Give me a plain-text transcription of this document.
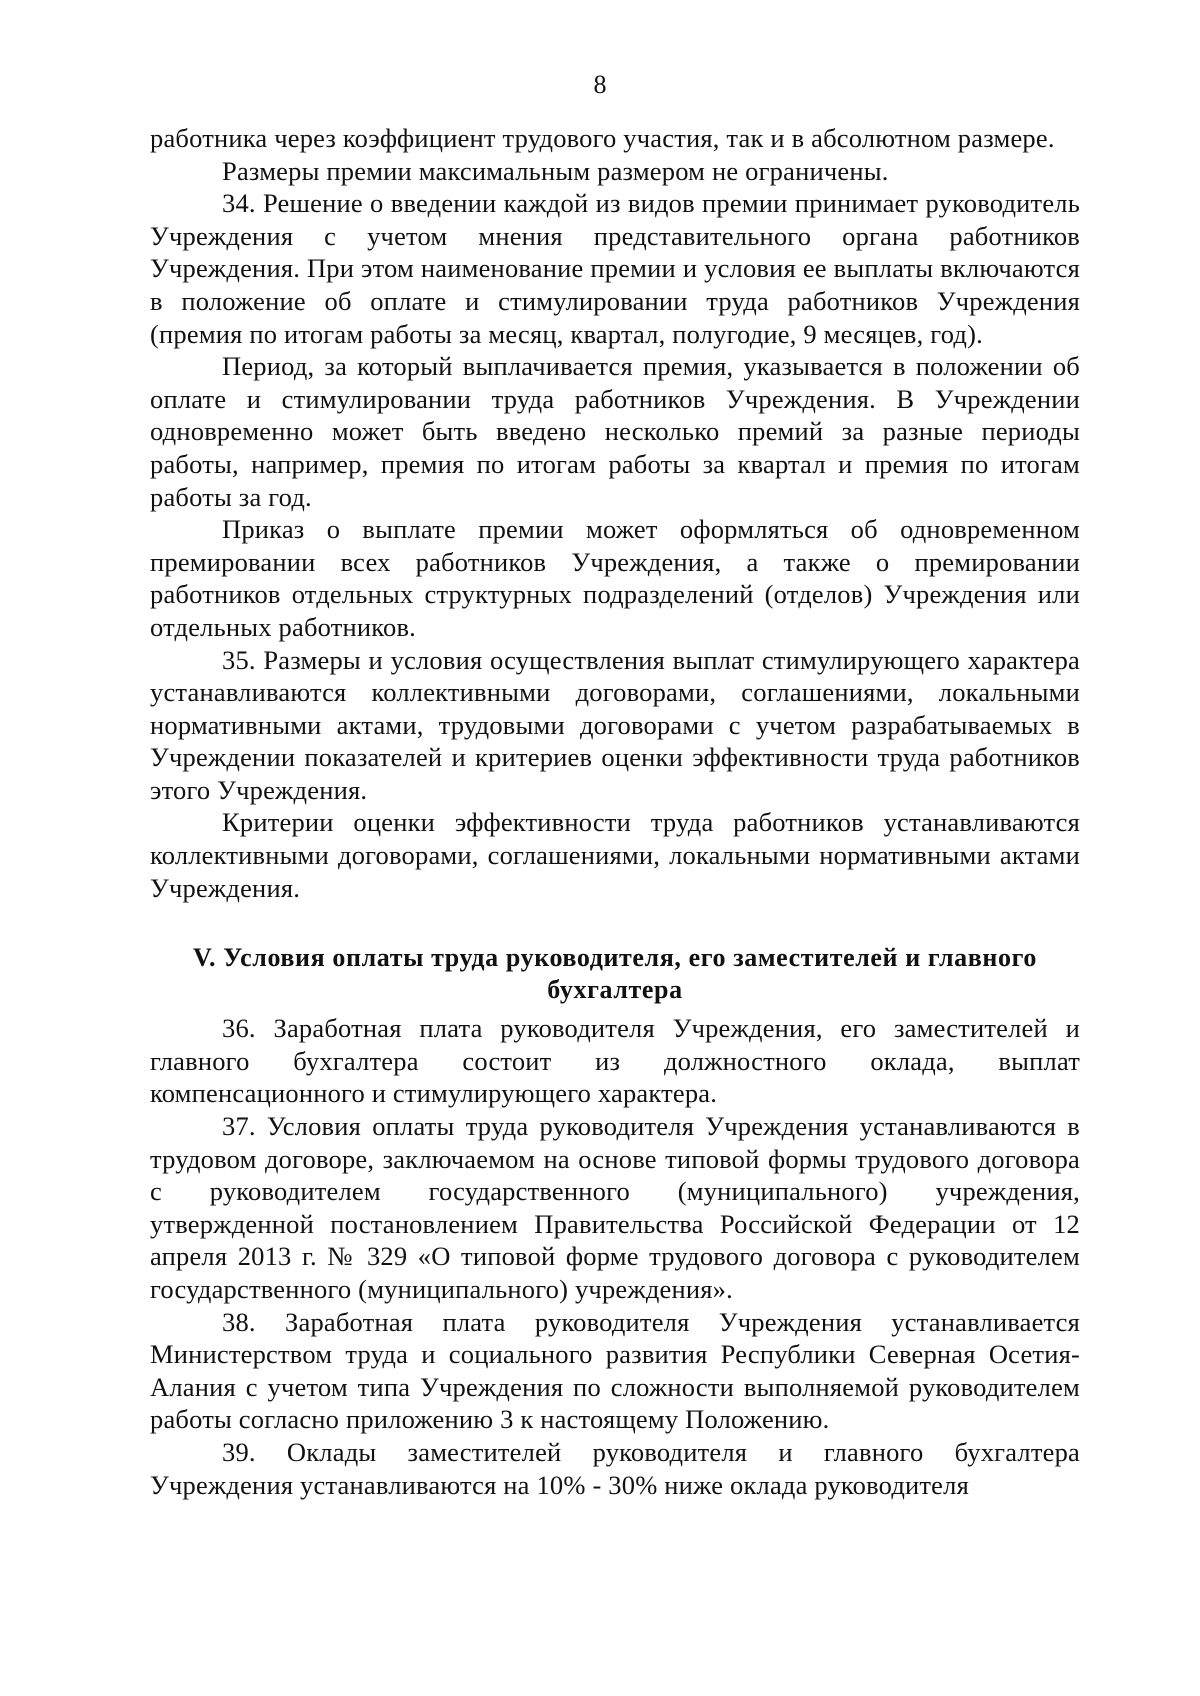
8

работника через коэффициент трудового участия, так и в абсолютном размере.

Размеры премии максимальным размером не ограничены.

34. Решение о введении каждой из видов премии принимает руководитель Учреждения с учетом мнения представительного органа работников Учреждения. При этом наименование премии и условия ее выплаты включаются в положение об оплате и стимулировании труда работников Учреждения (премия по итогам работы за месяц, квартал, полугодие, 9 месяцев, год).

Период, за который выплачивается премия, указывается в положении об оплате и стимулировании труда работников Учреждения. В Учреждении одновременно может быть введено несколько премий за разные периоды работы, например, премия по итогам работы за квартал и премия по итогам работы за год.

Приказ о выплате премии может оформляться об одновременном премировании всех работников Учреждения, а также о премировании работников отдельных структурных подразделений (отделов) Учреждения или отдельных работников.

35. Размеры и условия осуществления выплат стимулирующего характера устанавливаются коллективными договорами, соглашениями, локальными нормативными актами, трудовыми договорами с учетом разрабатываемых в Учреждении показателей и критериев оценки эффективности труда работников этого Учреждения.

Критерии оценки эффективности труда работников устанавливаются коллективными договорами, соглашениями, локальными нормативными актами Учреждения.

V. Условия оплаты труда руководителя, его заместителей и главного
бухгалтера

36. Заработная плата руководителя Учреждения, его заместителей и главного бухгалтера состоит из должностного оклада, выплат компенсационного и стимулирующего характера.

37. Условия оплаты труда руководителя Учреждения устанавливаются в трудовом договоре, заключаемом на основе типовой формы трудового договора с руководителем государственного (муниципального) учреждения, утвержденной постановлением Правительства Российской Федерации от 12 апреля 2013 г. № 329 «О типовой форме трудового договора с руководителем государственного (муниципального) учреждения».

38. Заработная плата руководителя Учреждения устанавливается Министерством труда и социального развития Республики Северная Осетия-Алания с учетом типа Учреждения по сложности выполняемой руководителем работы согласно приложению 3 к настоящему Положению.

39. Оклады заместителей руководителя и главного бухгалтера Учреждения устанавливаются на 10% - 30% ниже оклада руководителя
